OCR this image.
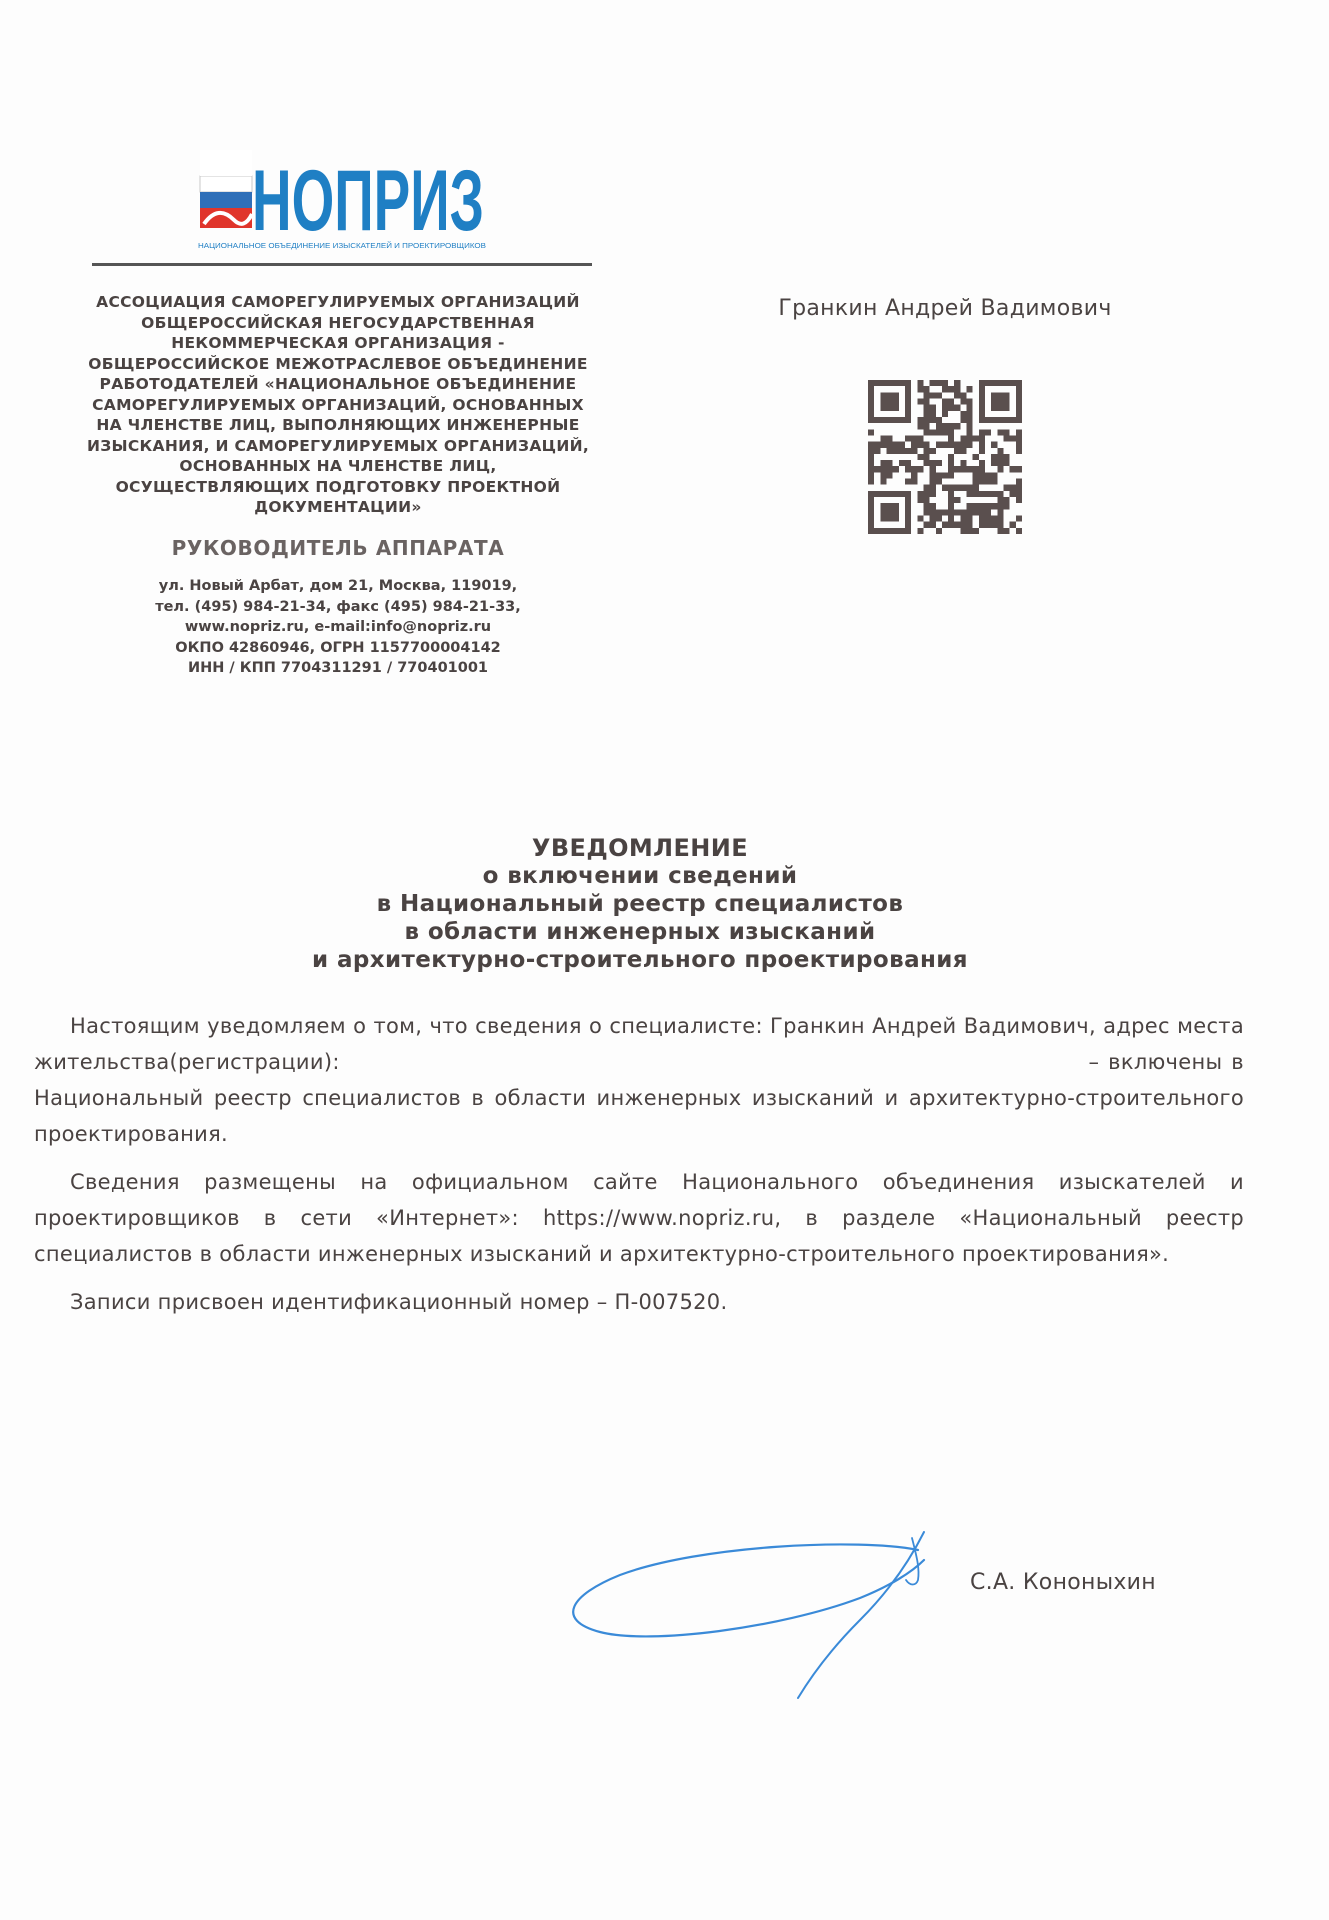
НОПРИЗ
НАЦИОНАЛЬНОЕ ОБЪЕДИНЕНИЕ ИЗЫСКАТЕЛЕЙ И ПРОЕКТИРОВЩИКОВ
АССОЦИАЦИЯ САМОРЕГУЛИРУЕМЫХ ОРГАНИЗАЦИЙ
ОБЩЕРОССИЙСКАЯ НЕГОСУДАРСТВЕННАЯ
НЕКОММЕРЧЕСКАЯ ОРГАНИЗАЦИЯ -
ОБЩЕРОССИЙСКОЕ МЕЖОТРАСЛЕВОЕ ОБЪЕДИНЕНИЕ
РАБОТОДАТЕЛЕЙ «НАЦИОНАЛЬНОЕ ОБЪЕДИНЕНИЕ
САМОРЕГУЛИРУЕМЫХ ОРГАНИЗАЦИЙ, ОСНОВАННЫХ
НА ЧЛЕНСТВЕ ЛИЦ, ВЫПОЛНЯЮЩИХ ИНЖЕНЕРНЫЕ
ИЗЫСКАНИЯ, И САМОРЕГУЛИРУЕМЫХ ОРГАНИЗАЦИЙ,
ОСНОВАННЫХ НА ЧЛЕНСТВЕ ЛИЦ,
ОСУЩЕСТВЛЯЮЩИХ ПОДГОТОВКУ ПРОЕКТНОЙ
ДОКУМЕНТАЦИИ»
РУКОВОДИТЕЛЬ АППАРАТА
ул. Новый Арбат, дом 21, Москва, 119019,
тел. (495) 984-21-34, факс (495) 984-21-33,
www.nopriz.ru, e-mail:info@nopriz.ru
ОКПО 42860946, ОГРН 1157700004142
ИНН / КПП 7704311291 / 770401001
Гранкин Андрей Вадимович
УВЕДОМЛЕНИЕ
о включении сведений
в Национальный реестр специалистов
в области инженерных изысканий
и архитектурно-строительного проектирования

Настоящим уведомляем о том, что сведения о специалисте: Гранкин Андрей Вадимович, адрес места жительства(регистрации):	– включены в Национальный реестр специалистов в области инженерных изысканий и архитектурно-строительного проектирования.

Сведения размещены на официальном сайте Национального объединения изыскателей и проектировщиков в сети «Интернет»: https://www.nopriz.ru, в разделе «Национальный реестр специалистов в области инженерных изысканий и архитектурно-строительного проектирования».

Записи присвоен идентификационный номер – П-007520.

С.А. Кононыхин
